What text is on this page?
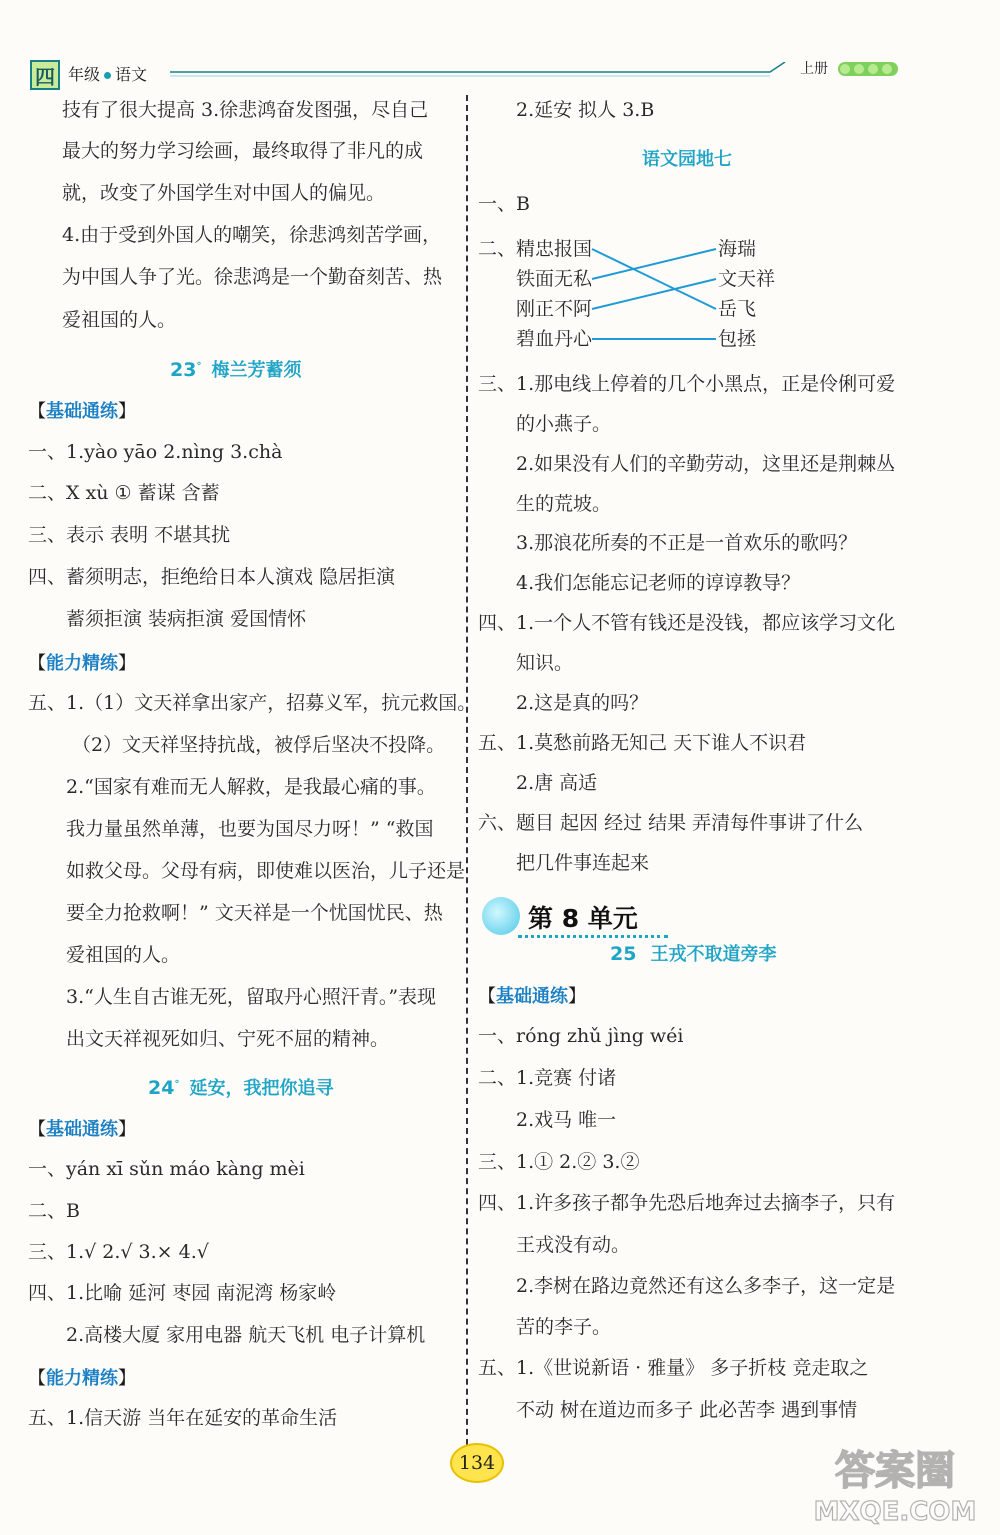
四 年级 语文	上册
技有了很大提高 3.徐悲鸿奋发图强，尽自己
最大的努力学习绘画，最终取得了非凡的成
就，改变了外国学生对中国人的偏见。
4.由于受到外国人的嘲笑，徐悲鸿刻苦学画，
为中国人争了光。徐悲鸿是一个勤奋刻苦、热
爱祖国的人。
23° 梅兰芳蓄须
【基础通练】
一、1.yào yāo 2.nìng 3.chà
二、X xù ① 蓄谋 含蓄
三、表示 表明 不堪其扰
四、蓄须明志，拒绝给日本人演戏 隐居拒演
蓄须拒演 装病拒演 爱国情怀
【能力精练】
五、1.（1）文天祥拿出家产，招募义军，抗元救国。
（2）文天祥坚持抗战，被俘后坚决不投降。
2.“国家有难而无人解救，是我最心痛的事。
我力量虽然单薄，也要为国尽力呀！” “救国
如救父母。父母有病，即使难以医治，儿子还是
要全力抢救啊！” 文天祥是一个忧国忧民、热
爱祖国的人。
3.“人生自古谁无死，留取丹心照汗青。”表现
出文天祥视死如归、宁死不屈的精神。
24° 延安，我把你追寻
【基础通练】
一、yán xī sǔn máo kàng mèi
二、B
三、1.√ 2.√ 3.× 4.√
四、1.比喻 延河 枣园 南泥湾 杨家岭
2.高楼大厦 家用电器 航天飞机 电子计算机
【能力精练】
五、1.信天游 当年在延安的革命生活
2.延安 拟人 3.B
语文园地七
一、B
二、 精忠报国
铁面无私
刚正不阿
碧血丹心
海瑞
文天祥
岳飞
包拯
三、1.那电线上停着的几个小黑点，正是伶俐可爱
的小燕子。
2.如果没有人们的辛勤劳动，这里还是荆棘丛
生的荒坡。
3.那浪花所奏的不正是一首欢乐的歌吗？
4.我们怎能忘记老师的谆谆教导？
四、1.一个人不管有钱还是没钱，都应该学习文化
知识。
2.这是真的吗？
五、1.莫愁前路无知己 天下谁人不识君
2.唐 高适
六、题目 起因 经过 结果 弄清每件事讲了什么
把几件事连起来
第 8 单元
25 王戎不取道旁李
【基础通练】
一、róng zhǔ jìng wéi
二、1.竞赛 付诸
2.戏马 唯一
三、1.① 2.② 3.②
四、1.许多孩子都争先恐后地奔过去摘李子，只有
王戎没有动。
2.李树在路边竟然还有这么多李子，这一定是
苦的李子。
五、1.《世说新语 · 雅量》 多子折枝 竞走取之
不动 树在道边而多子 此必苦李 遇到事情
134	答案圈
MXQE.COM
